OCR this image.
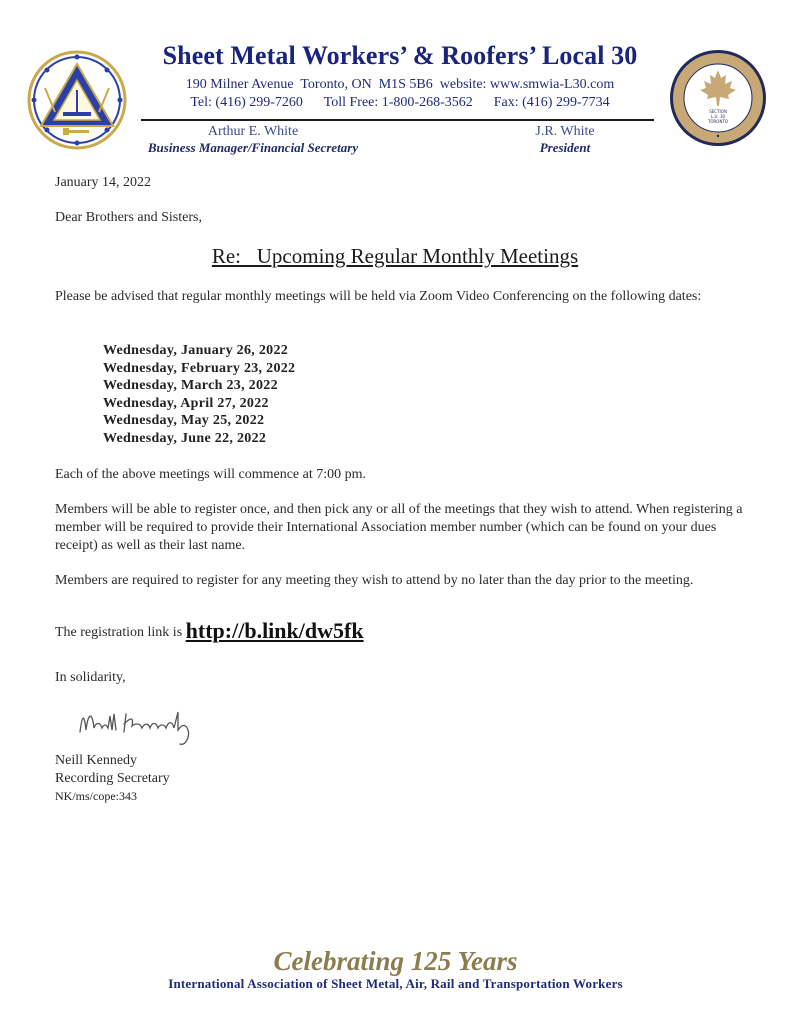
Sheet Metal Workers’ & Roofers’ Local 30
190 Milner Avenue  Toronto, ON  M1S 5B6  website: www.smwia-L30.com
Tel: (416) 299-7260      Toll Free: 1-800-268-3562      Fax: (416) 299-7734
Arthur E. White
Business Manager/Financial Secretary
J.R. White
President
SECTION
L.U. 30
TORONTO
January 14, 2022
Dear Brothers and Sisters,
Re:   Upcoming Regular Monthly Meetings
Please be advised that regular monthly meetings will be held via Zoom Video Conferencing on the following dates:
Wednesday, January 26, 2022
Wednesday, February 23, 2022
Wednesday, March 23, 2022
Wednesday, April 27, 2022
Wednesday, May 25, 2022
Wednesday, June 22, 2022
Each of the above meetings will commence at 7:00 pm.
Members will be able to register once, and then pick any or all of the meetings that they wish to attend. When registering a member will be required to provide their International Association member number (which can be found on your dues receipt) as well as their last name.
Members are required to register for any meeting they wish to attend by no later than the day prior to the meeting.
The registration link is http://b.link/dw5fk
In solidarity,
Neill Kennedy
Recording Secretary
NK/ms/cope:343
Celebrating 125 Years
International Association of Sheet Metal, Air, Rail and Transportation Workers
